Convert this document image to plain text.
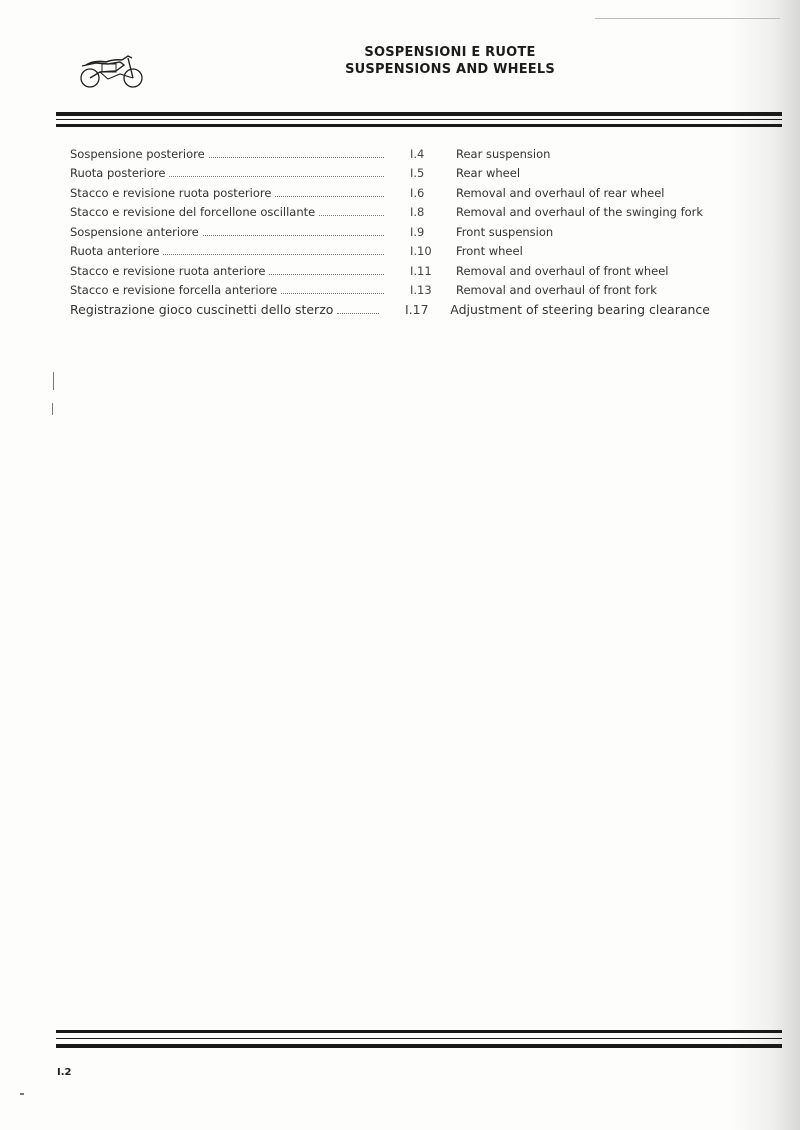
SOSPENSIONI E RUOTE
SUSPENSIONS AND WHEELS
Sospensione posteriore	I.4	Rear suspension
Ruota posteriore	I.5	Rear wheel
Stacco e revisione ruota posteriore	I.6	Removal and overhaul of rear wheel
Stacco e revisione del forcellone oscillante	I.8	Removal and overhaul of the swinging fork
Sospensione anteriore	I.9	Front suspension
Ruota anteriore	I.10	Front wheel
Stacco e revisione ruota anteriore	I.11	Removal and overhaul of front wheel
Stacco e revisione forcella anteriore	I.13	Removal and overhaul of front fork
Registrazione gioco cuscinetti dello sterzo	I.17	Adjustment of steering bearing clearance
I.2
